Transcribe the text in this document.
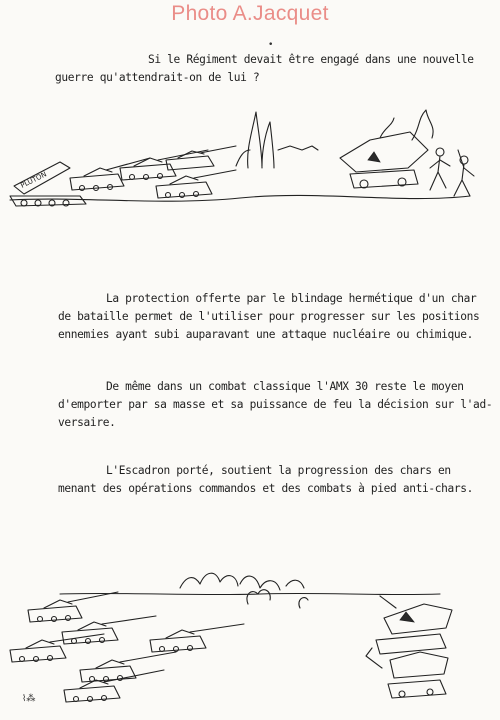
Photo A.Jacquet
•
Si le Régiment devait être engagé dans une nouvelle
guerre qu'attendrait-on de lui ?
PLUTON
La protection offerte par le blindage hermétique d'un char
de bataille permet de l'utiliser pour progresser sur les positions
ennemies ayant subi auparavant une attaque nucléaire ou chimique.
De même dans un combat classique l'AMX 30 reste le moyen
d'emporter par sa masse et sa puissance de feu la décision sur l'ad-
versaire.
L'Escadron porté, soutient la progression des chars en
menant des opérations commandos et des combats à pied anti-chars.
⌇⁂
